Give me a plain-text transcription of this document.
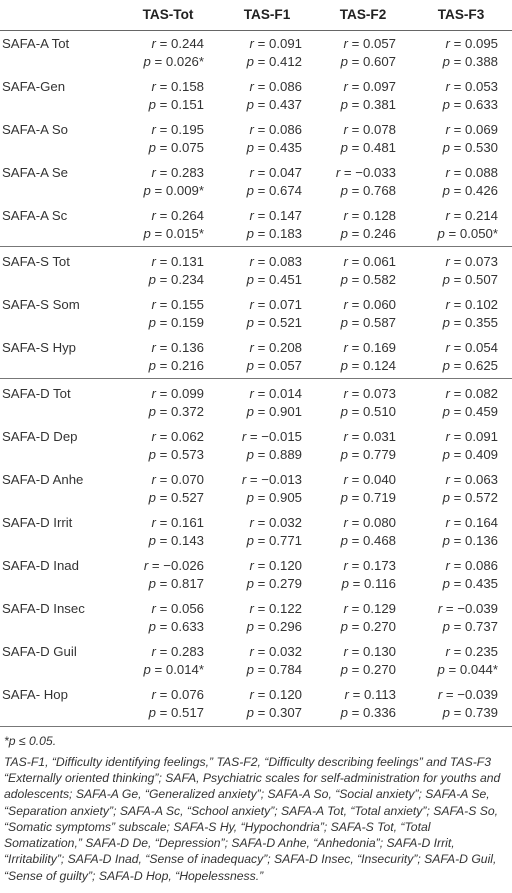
	TAS-Tot	TAS-F1	TAS-F2	TAS-F3
SAFA-A Tot	r = 0.244	r = 0.091	r = 0.057	r = 0.095
	p = 0.026*	p = 0.412	p = 0.607	p = 0.388
SAFA-Gen	r = 0.158	r = 0.086	r = 0.097	r = 0.053
	p = 0.151	p = 0.437	p = 0.381	p = 0.633
SAFA-A So	r = 0.195	r = 0.086	r = 0.078	r = 0.069
	p = 0.075	p = 0.435	p = 0.481	p = 0.530
SAFA-A Se	r = 0.283	r = 0.047	r = −0.033	r = 0.088
	p = 0.009*	p = 0.674	p = 0.768	p = 0.426
SAFA-A Sc	r = 0.264	r = 0.147	r = 0.128	r = 0.214
	p = 0.015*	p = 0.183	p = 0.246	p = 0.050*
SAFA-S Tot	r = 0.131	r = 0.083	r = 0.061	r = 0.073
	p = 0.234	p = 0.451	p = 0.582	p = 0.507
SAFA-S Som	r = 0.155	r = 0.071	r = 0.060	r = 0.102
	p = 0.159	p = 0.521	p = 0.587	p = 0.355
SAFA-S Hyp	r = 0.136	r = 0.208	r = 0.169	r = 0.054
	p = 0.216	p = 0.057	p = 0.124	p = 0.625
SAFA-D Tot	r = 0.099	r = 0.014	r = 0.073	r = 0.082
	p = 0.372	p = 0.901	p = 0.510	p = 0.459
SAFA-D Dep	r = 0.062	r = −0.015	r = 0.031	r = 0.091
	p = 0.573	p = 0.889	p = 0.779	p = 0.409
SAFA-D Anhe	r = 0.070	r = −0.013	r = 0.040	r = 0.063
	p = 0.527	p = 0.905	p = 0.719	p = 0.572
SAFA-D Irrit	r = 0.161	r = 0.032	r = 0.080	r = 0.164
	p = 0.143	p = 0.771	p = 0.468	p = 0.136
SAFA-D Inad	r = −0.026	r = 0.120	r = 0.173	r = 0.086
	p = 0.817	p = 0.279	p = 0.116	p = 0.435
SAFA-D Insec	r = 0.056	r = 0.122	r = 0.129	r = −0.039
	p = 0.633	p = 0.296	p = 0.270	p = 0.737
SAFA-D Guil	r = 0.283	r = 0.032	r = 0.130	r = 0.235
	p = 0.014*	p = 0.784	p = 0.270	p = 0.044*
SAFA- Hop	r = 0.076	r = 0.120	r = 0.113	r = −0.039
	p = 0.517	p = 0.307	p = 0.336	p = 0.739

*p ≤ 0.05.

TAS-F1, “Difficulty identifying feelings,” TAS-F2, “Difficulty describing feelings” and TAS-F3 “Externally oriented thinking”; SAFA, Psychiatric scales for self-administration for youths and adolescents; SAFA-A Ge, “Generalized anxiety”; SAFA-A So, “Social anxiety”; SAFA-A Se, “Separation anxiety”; SAFA-A Sc, “School anxiety”; SAFA-A Tot, “Total anxiety”; SAFA-S So, “Somatic symptoms” subscale; SAFA-S Hy, “Hypochondria”; SAFA-S Tot, “Total Somatization,” SAFA-D De, “Depression”; SAFA-D Anhe, “Anhedonia”; SAFA-D Irrit, “Irritability”; SAFA-D Inad, “Sense of inadequacy”; SAFA-D Insec, “Insecurity”; SAFA-D Guil, “Sense of guilty”; SAFA-D Hop, “Hopelessness.”
